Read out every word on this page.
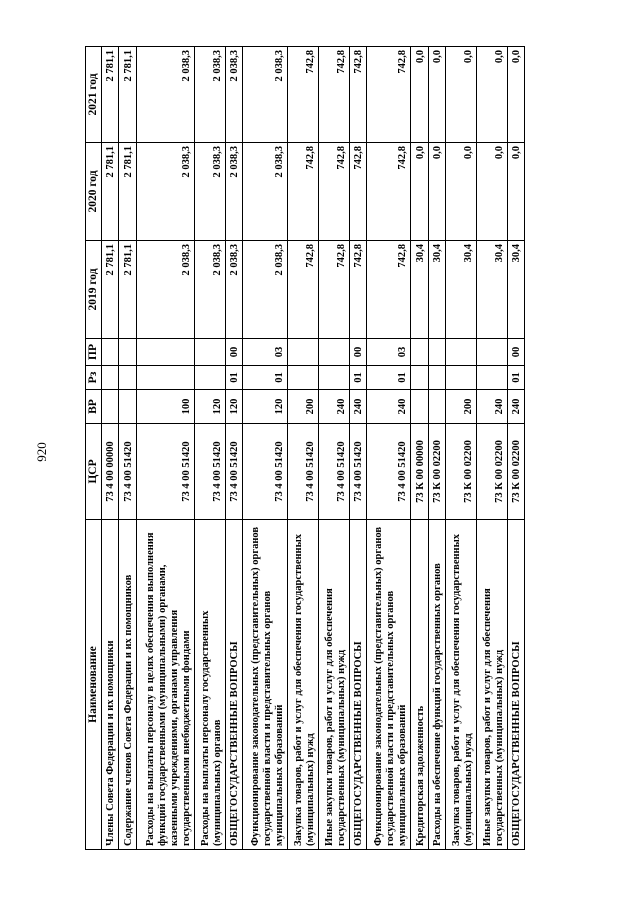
920
Наименование	ЦСР	ВР	Рз	ПР	2019 год	2020 год	2021 год
Члены Совета Федерации и их помощники	73 4 00 00000				2 781,1	2 781,1	2 781,1
Содержание членов Совета Федерации и их помощников	73 4 00 51420				2 781,1	2 781,1	2 781,1
Расходы на выплаты персоналу в целях обеспечения выполнения функций государственными (муниципальными) органами, казенными учреждениями, органами управления государственными внебюджетными фондами	73 4 00 51420	100			2 038,3	2 038,3	2 038,3
Расходы на выплаты персоналу государственных (муниципальных) органов	73 4 00 51420	120			2 038,3	2 038,3	2 038,3
ОБЩЕГОСУДАРСТВЕННЫЕ ВОПРОСЫ	73 4 00 51420	120	01	00	2 038,3	2 038,3	2 038,3
Функционирование законодательных (представительных) органов государственной власти и представительных органов муниципальных образований	73 4 00 51420	120	01	03	2 038,3	2 038,3	2 038,3
Закупка товаров, работ и услуг для обеспечения государственных (муниципальных) нужд	73 4 00 51420	200			742,8	742,8	742,8
Иные закупки товаров, работ и услуг для обеспечения государственных (муниципальных) нужд	73 4 00 51420	240			742,8	742,8	742,8
ОБЩЕГОСУДАРСТВЕННЫЕ ВОПРОСЫ	73 4 00 51420	240	01	00	742,8	742,8	742,8
Функционирование законодательных (представительных) органов государственной власти и представительных органов муниципальных образований	73 4 00 51420	240	01	03	742,8	742,8	742,8
Кредиторская задолженность	73 К 00 00000				30,4	0,0	0,0
Расходы на обеспечение функций государственных органов	73 К 00 02200				30,4	0,0	0,0
Закупка товаров, работ и услуг для обеспечения государственных (муниципальных) нужд	73 К 00 02200	200			30,4	0,0	0,0
Иные закупки товаров, работ и услуг для обеспечения государственных (муниципальных) нужд	73 К 00 02200	240			30,4	0,0	0,0
ОБЩЕГОСУДАРСТВЕННЫЕ ВОПРОСЫ	73 К 00 02200	240	01	00	30,4	0,0	0,0
